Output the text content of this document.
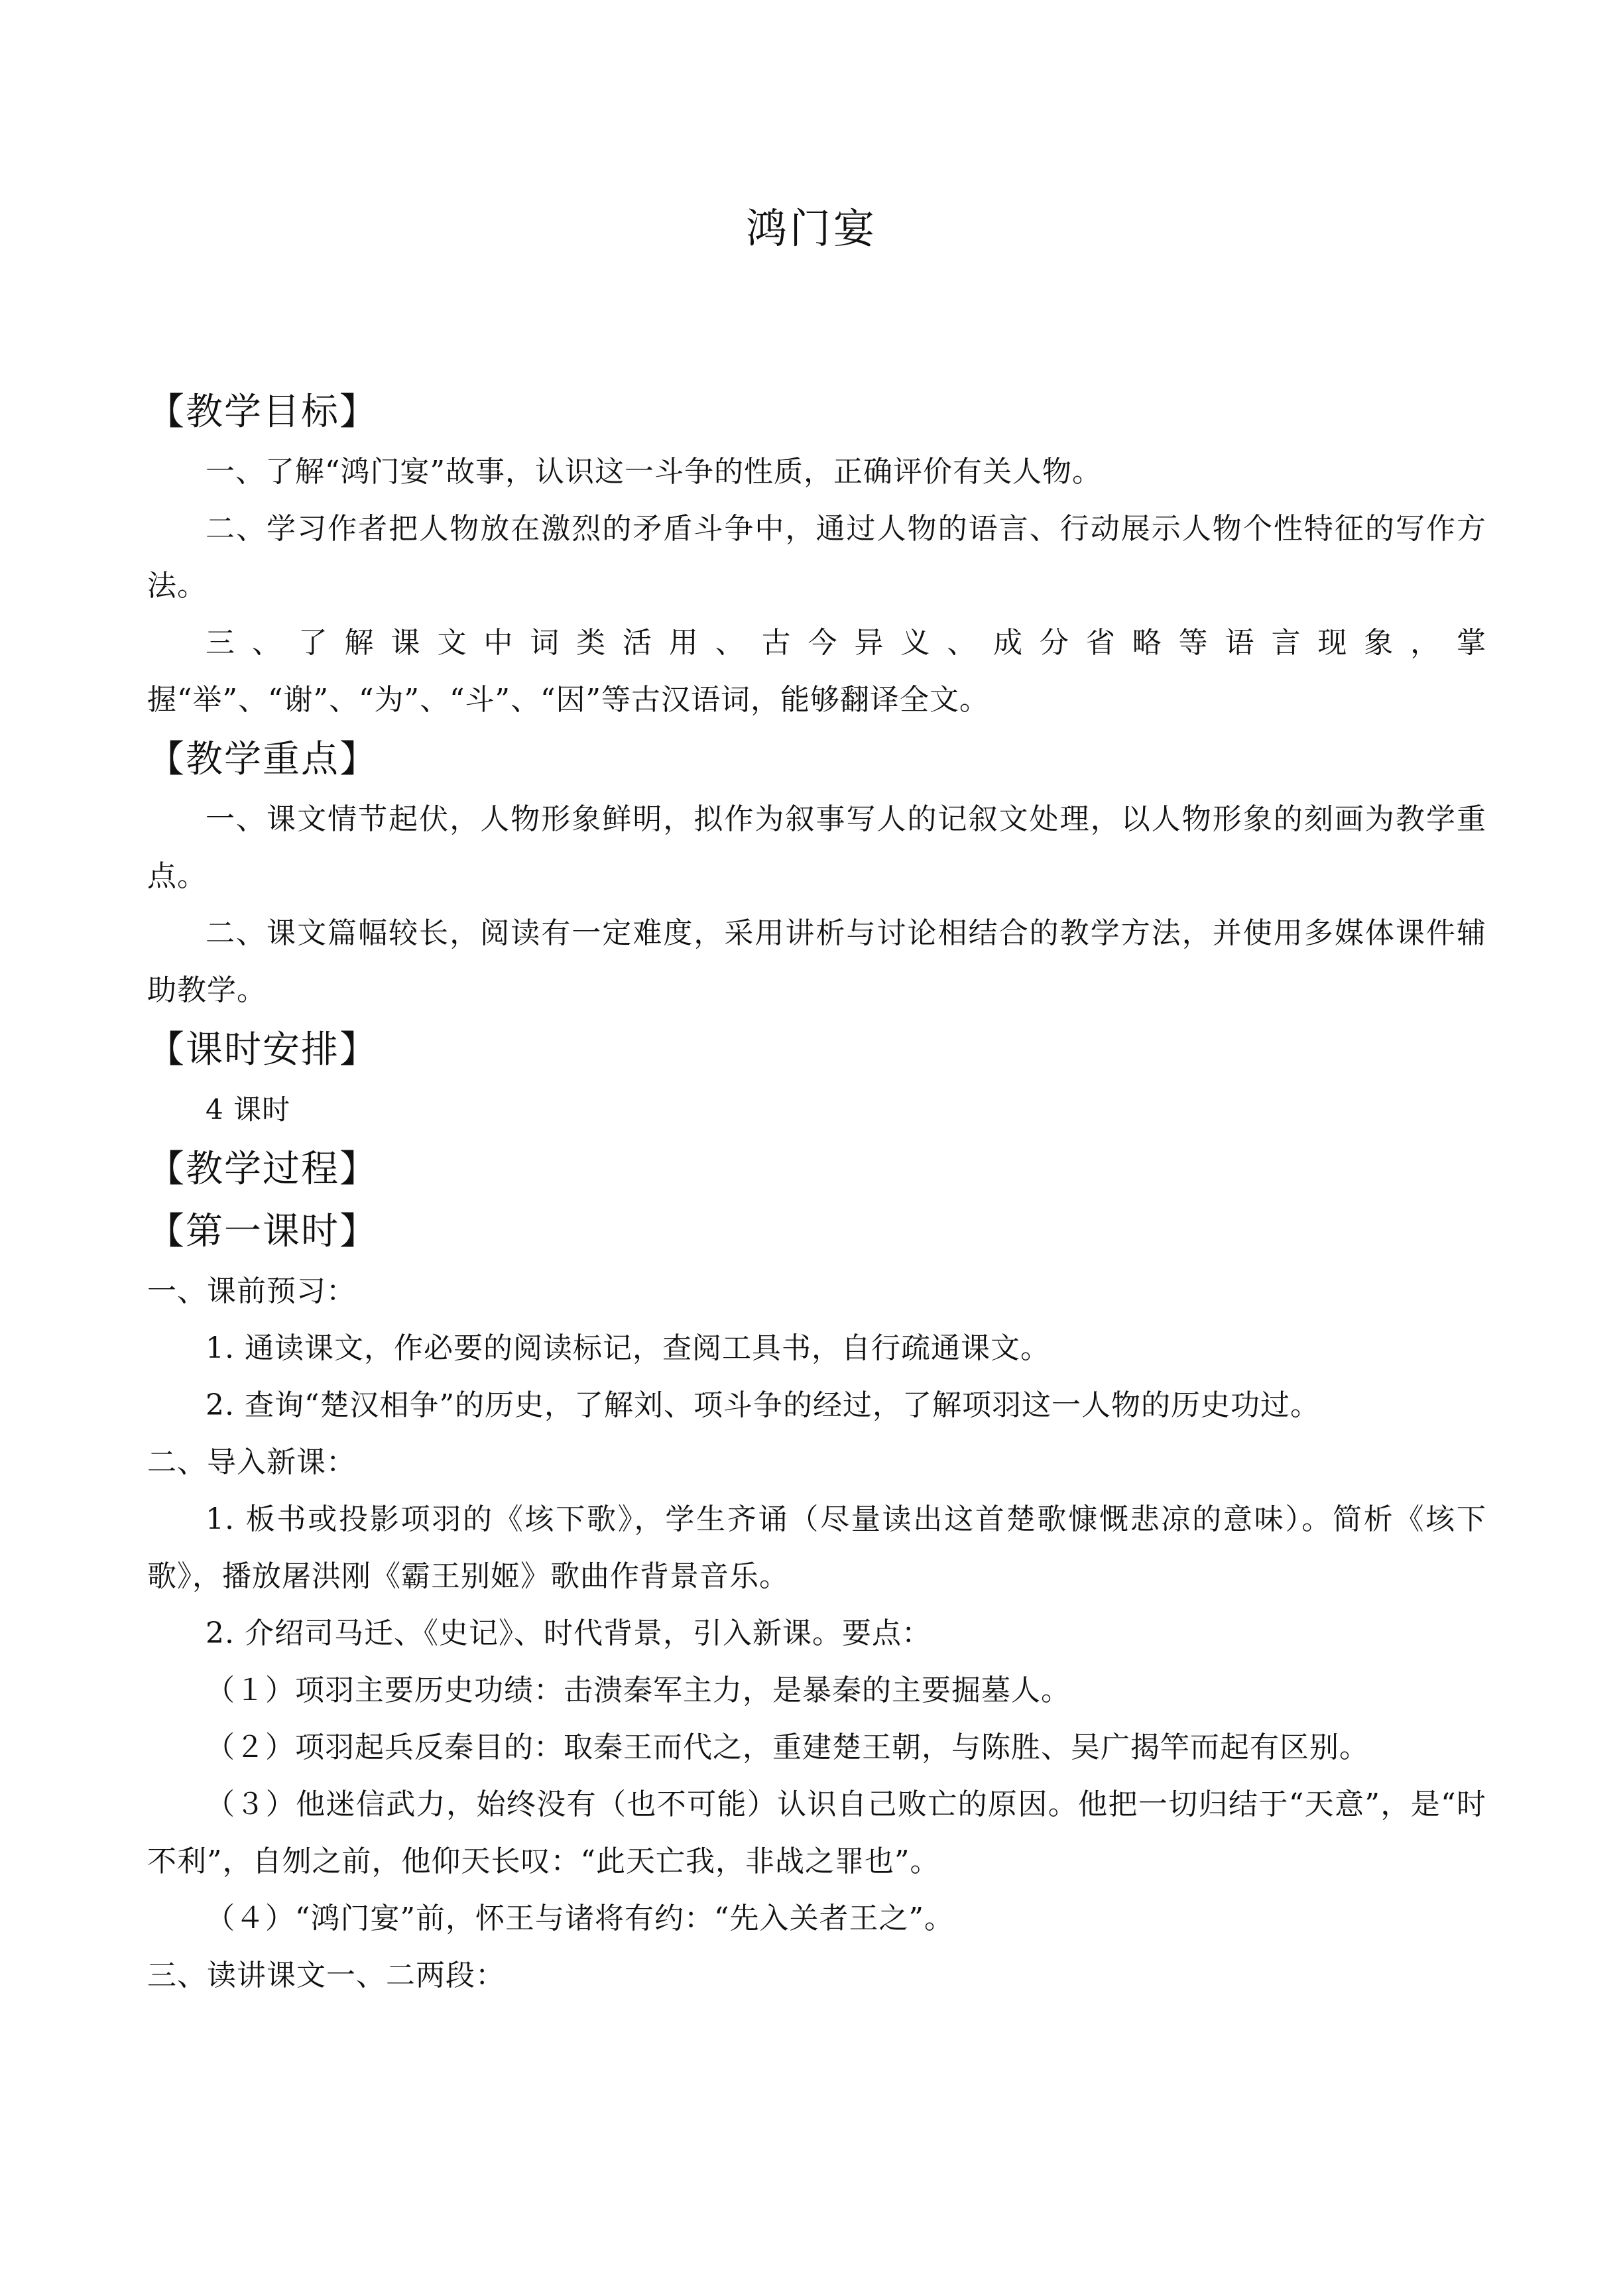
鸿门宴
【教学目标】
一、了解“鸿门宴”故事，认识这一斗争的性质，正确评价有关人物。
二、学习作者把人物放在激烈的矛盾斗争中，通过人物的语言、行动展示人物个性特征的写作方法。
三、了解课文中词类活用、古今异义、成分省略等语言现象，掌握“举”、“谢”、“为”、“斗”、“因”等古汉语词，能够翻译全文。
【教学重点】
一、课文情节起伏，人物形象鲜明，拟作为叙事写人的记叙文处理，以人物形象的刻画为教学重点。
二、课文篇幅较长，阅读有一定难度，采用讲析与讨论相结合的教学方法，并使用多媒体课件辅助教学。
【课时安排】
4 课时
【教学过程】
【第一课时】
一、课前预习：
1. 通读课文，作必要的阅读标记，查阅工具书，自行疏通课文。
2. 查询“楚汉相争”的历史，了解刘、项斗争的经过，了解项羽这一人物的历史功过。
二、导入新课：
1. 板书或投影项羽的《垓下歌》，学生齐诵（尽量读出这首楚歌慷慨悲凉的意味）。简析《垓下歌》，播放屠洪刚《霸王别姬》歌曲作背景音乐。
2. 介绍司马迁、《史记》、时代背景，引入新课。要点：
（１）项羽主要历史功绩：击溃秦军主力，是暴秦的主要掘墓人。
（２）项羽起兵反秦目的：取秦王而代之，重建楚王朝，与陈胜、吴广揭竿而起有区别。
（３）他迷信武力，始终没有（也不可能）认识自己败亡的原因。他把一切归结于“天意”，是“时不利”，自刎之前，他仰天长叹：“此天亡我，非战之罪也”。
（４）“鸿门宴”前，怀王与诸将有约：“先入关者王之”。
三、读讲课文一、二两段：
